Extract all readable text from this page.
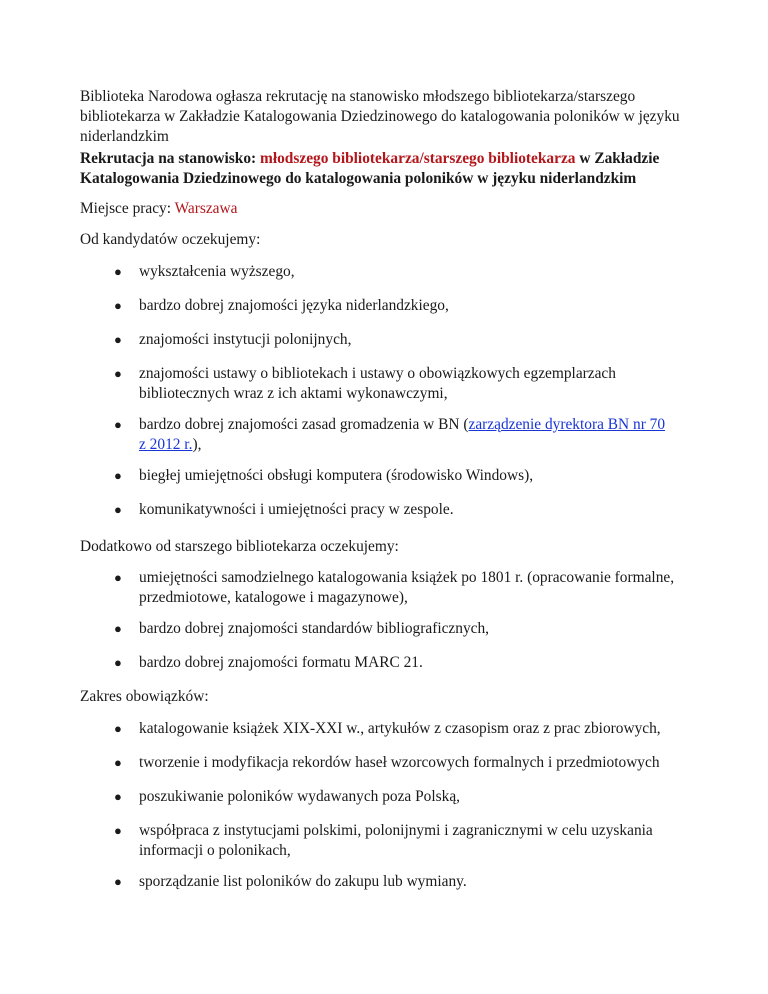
Biblioteka Narodowa ogłasza rekrutację na stanowisko młodszego bibliotekarza/starszego bibliotekarza w Zakładzie Katalogowania Dziedzinowego do katalogowania poloników w języku niderlandzkim
Rekrutacja na stanowisko: młodszego bibliotekarza/starszego bibliotekarza w Zakładzie Katalogowania Dziedzinowego do katalogowania poloników w języku niderlandzkim
Miejsce pracy: Warszawa
Od kandydatów oczekujemy:
● wykształcenia wyższego,
● bardzo dobrej znajomości języka niderlandzkiego,
● znajomości instytucji polonijnych,
● znajomości ustawy o bibliotekach i ustawy o obowiązkowych egzemplarzach bibliotecznych wraz z ich aktami wykonawczymi,
● bardzo dobrej znajomości zasad gromadzenia w BN (zarządzenie dyrektora BN nr 70
z 2012 r.),
● biegłej umiejętności obsługi komputera (środowisko Windows),
● komunikatywności i umiejętności pracy w zespole.
Dodatkowo od starszego bibliotekarza oczekujemy:
● umiejętności samodzielnego katalogowania książek po 1801 r. (opracowanie formalne, przedmiotowe, katalogowe i magazynowe),
● bardzo dobrej znajomości standardów bibliograficznych,
● bardzo dobrej znajomości formatu MARC 21.
Zakres obowiązków:
● katalogowanie książek XIX-XXI w., artykułów z czasopism oraz z prac zbiorowych,
● tworzenie i modyfikacja rekordów haseł wzorcowych formalnych i przedmiotowych
● poszukiwanie poloników wydawanych poza Polską,
● współpraca z instytucjami polskimi, polonijnymi i zagranicznymi w celu uzyskania informacji o polonikach,
● sporządzanie list poloników do zakupu lub wymiany.
